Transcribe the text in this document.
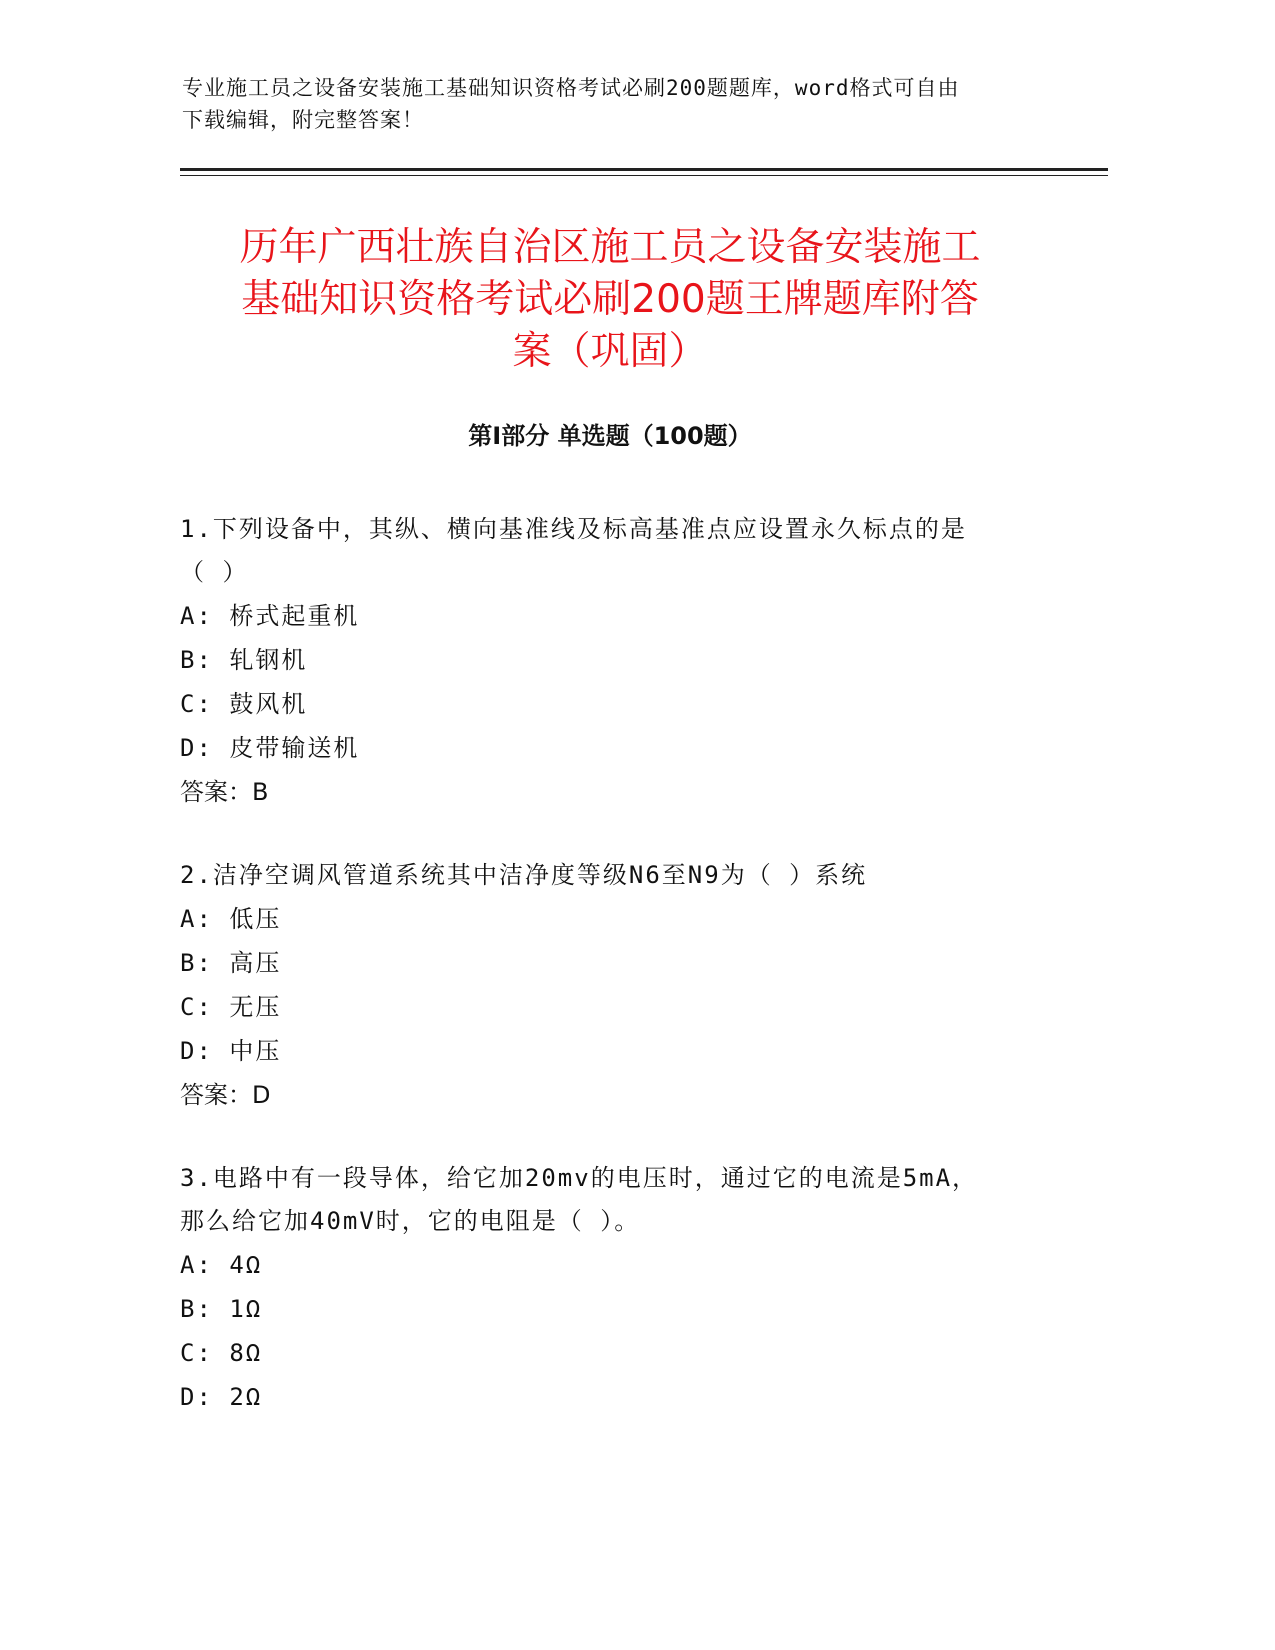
专业施工员之设备安装施工基础知识资格考试必刷200题题库，word格式可自由
下载编辑，附完整答案！
历年广西壮族自治区施工员之设备安装施工
基础知识资格考试必刷200题王牌题库附答
案（巩固）
第I部分 单选题（100题）
1.下列设备中，其纵、横向基准线及标高基准点应设置永久标点的是
（ ）
A: 桥式起重机
B: 轧钢机
C: 鼓风机
D: 皮带输送机
答案：B
2.洁净空调风管道系统其中洁净度等级N6至N9为（ ）系统
A: 低压
B: 高压
C: 无压
D: 中压
答案：D
3.电路中有一段导体，给它加20mv的电压时，通过它的电流是5mA，
那么给它加40mV时，它的电阻是（ ）。
A: 4Ω
B: 1Ω
C: 8Ω
D: 2Ω
